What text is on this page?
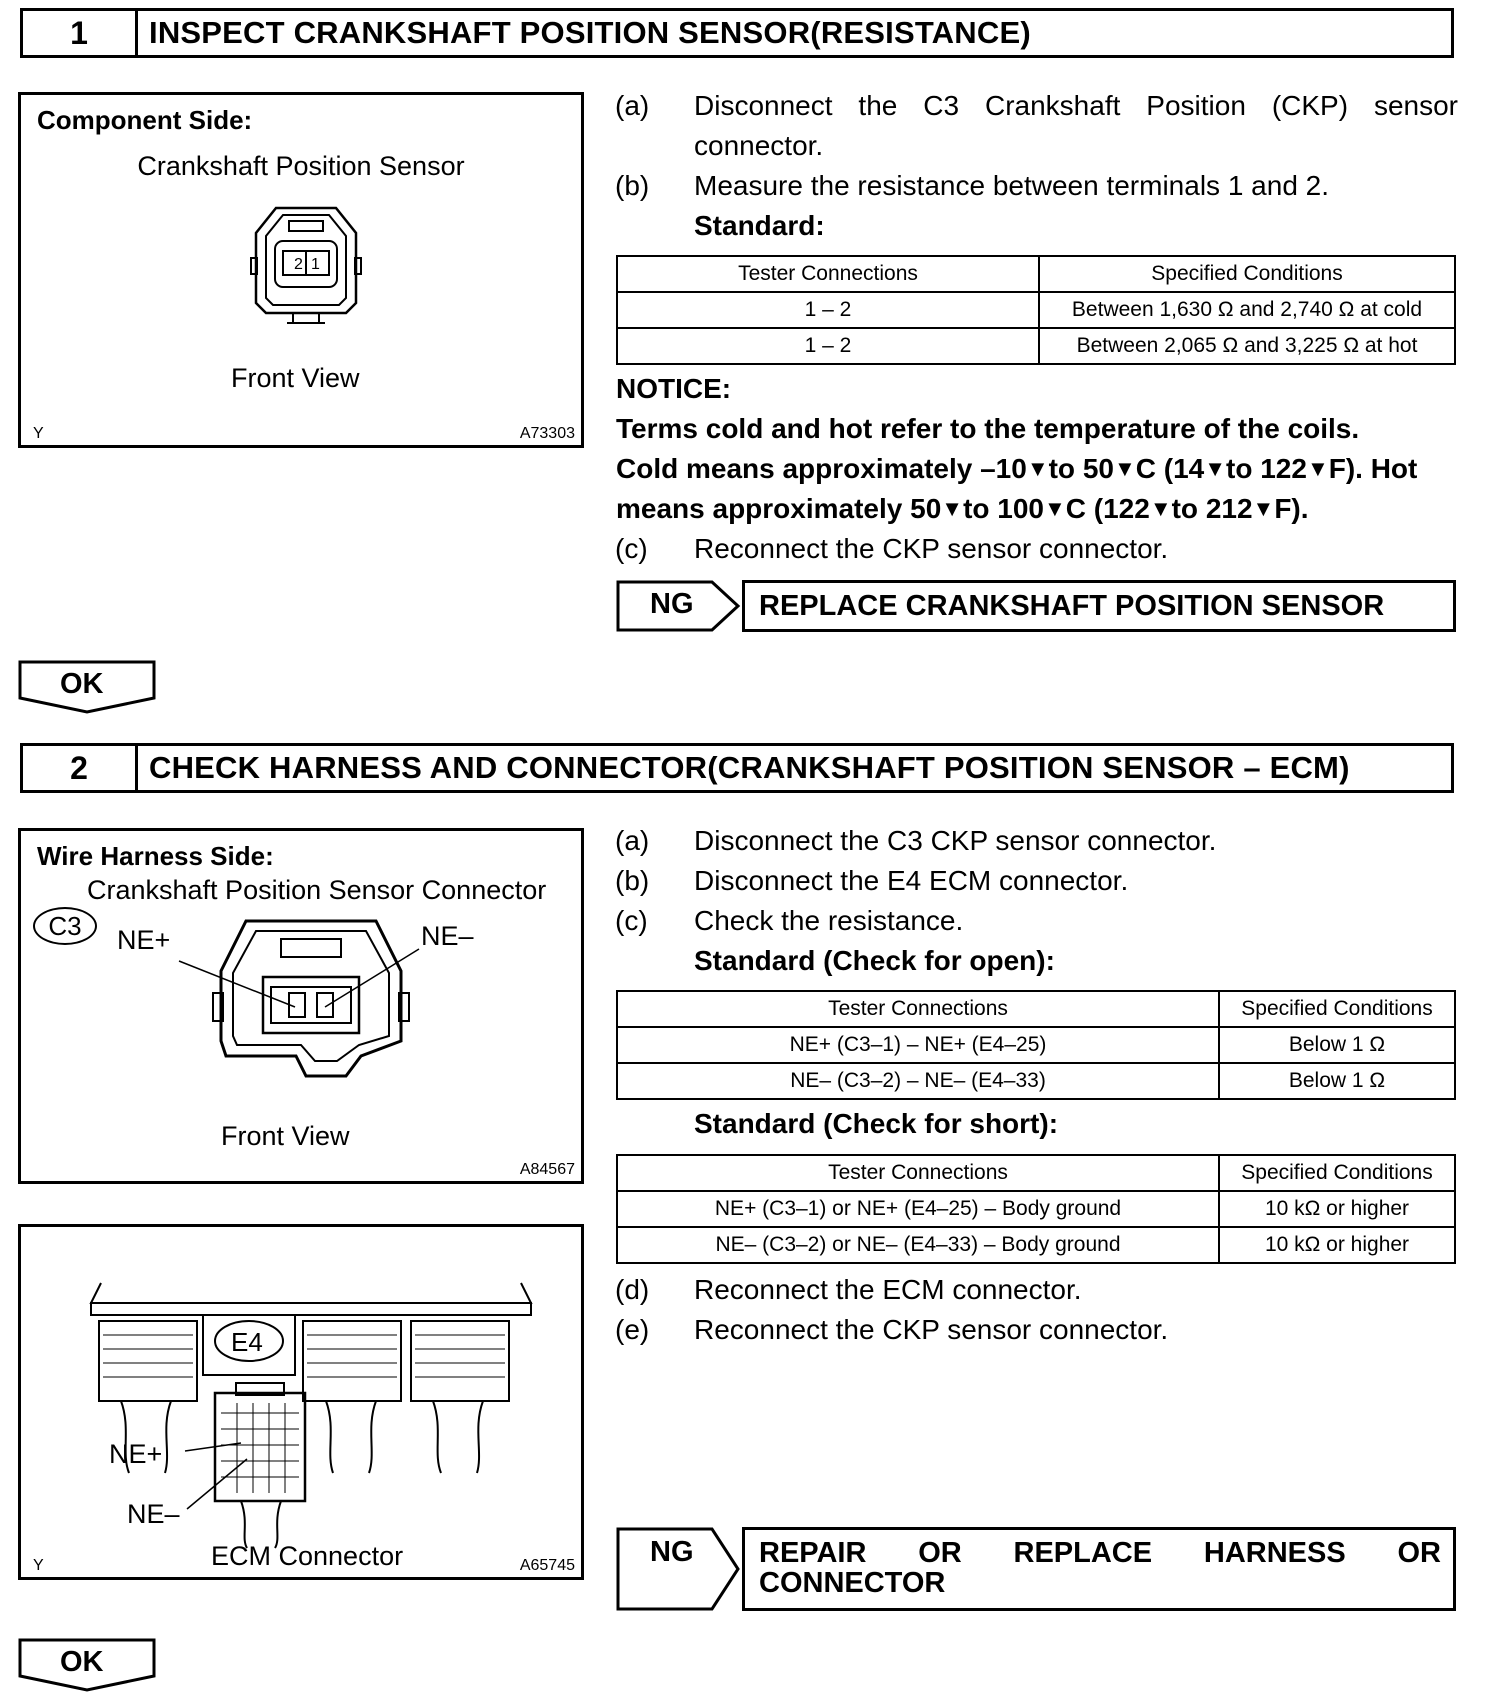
1	INSPECT CRANKSHAFT POSITION SENSOR(RESISTANCE)
Component Side:
Crankshaft Position Sensor
2 1
Front View
Y	A73303
(a) Disconnect the C3 Crankshaft Position (CKP) sensor
connector.
(b) Measure the resistance between terminals 1 and 2.
Standard:
Tester Connections	Specified Conditions
1 – 2	Between 1,630 Ω and 2,740 Ω at cold
1 – 2	Between 2,065 Ω and 3,225 Ω at hot
NOTICE:
Terms cold and hot refer to the temperature of the coils.
Cold means approximately –10 ▼ to 50 ▼ C (14 ▼ to 122 ▼ F). Hot
means approximately 50 ▼ to 100 ▼ C (122 ▼ to 212 ▼ F).
(c) Reconnect the CKP sensor connector.
NG	REPLACE CRANKSHAFT POSITION SENSOR
OK
2	CHECK HARNESS AND CONNECTOR(CRANKSHAFT POSITION SENSOR – ECM)
Wire Harness Side:
Crankshaft Position Sensor Connector
C3	NE+	NE–
Front View
A84567
E4
NE+
NE–
ECM Connector
Y	A65745
(a) Disconnect the C3 CKP sensor connector.
(b) Disconnect the E4 ECM connector.
(c) Check the resistance.
Standard (Check for open):
Tester Connections	Specified Conditions
NE+ (C3–1) – NE+ (E4–25)	Below 1 Ω
NE– (C3–2) – NE– (E4–33)	Below 1 Ω
Standard (Check for short):
Tester Connections	Specified Conditions
NE+ (C3–1) or NE+ (E4–25) – Body ground	10 kΩ or higher
NE– (C3–2) or NE– (E4–33) – Body ground	10 kΩ or higher
(d) Reconnect the ECM connector.
(e) Reconnect the CKP sensor connector.
NG REPAIR OR REPLACE HARNESS OR
CONNECTOR
OK
